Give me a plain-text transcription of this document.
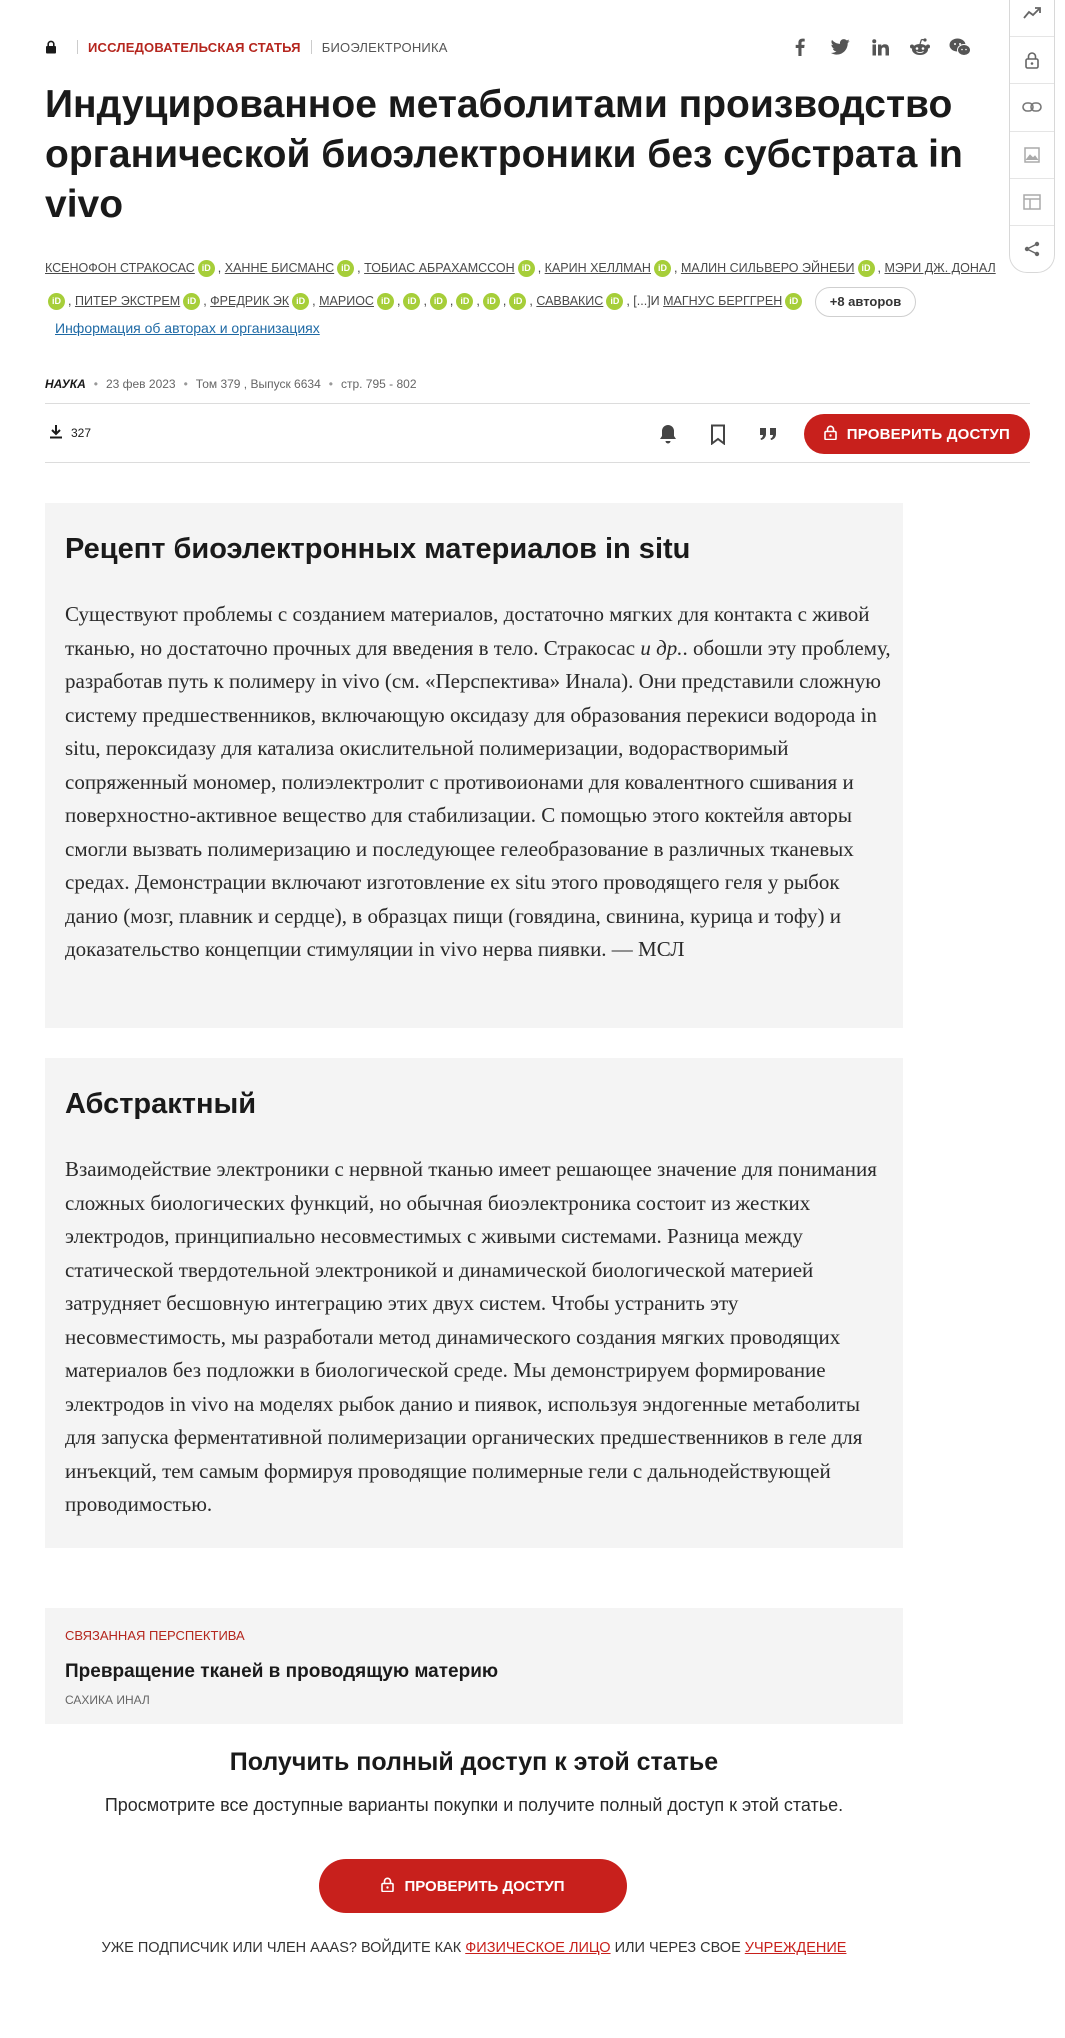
ИССЛЕДОВАТЕЛЬСКАЯ СТАТЬЯ БИОЭЛЕКТРОНИКА
Индуцированное метаболитами производство органической биоэлектроники без субстрата in vivo
КСЕНОФОН СТРАКОСАС iD , ХАННЕ БИСМАНС iD , ТОБИАС АБРАХАМССОН iD , КАРИН ХЕЛЛМАН iD , МАЛИН СИЛЬВЕРО ЭЙНЕБИ iD , МЭРИ ДЖ. ДОНАЛ
iD , ПИТЕР ЭКСТРЕМ iD , ФРЕДРИК ЭК iD , МАРИОС iD , iD , iD , iD , iD , iD , САВВАКИС iD , [...]И МАГНУС БЕРГГРЕН iD +8 авторов
Информация об авторах и организациях
НАУКА • 23 фев 2023 • Том 379 , Выпуск 6634 • стр. 795 - 802
327	ПРОВЕРИТЬ ДОСТУП
Рецепт биоэлектронных материалов in situ

Существуют проблемы с созданием материалов, достаточно мягких для контакта с живой тканью, но достаточно прочных для введения в тело. Стракосас и др.. обошли эту проблему, разработав путь к полимеру in vivo (см. «Перспектива» Инала). Они представили сложную систему предшественников, включающую оксидазу для образования перекиси водорода in situ, пероксидазу для катализа окислительной полимеризации, водорастворимый сопряженный мономер, полиэлектролит с противоионами для ковалентного сшивания и поверхностно-активное вещество для стабилизации. С помощью этого коктейля авторы смогли вызвать полимеризацию и последующее гелеобразование в различных тканевых средах. Демонстрации включают изготовление ex situ этого проводящего геля у рыбок данио (мозг, плавник и сердце), в образцах пищи (говядина, свинина, курица и тофу) и доказательство концепции стимуляции in vivo нерва пиявки. — МСЛ

Абстрактный

Взаимодействие электроники с нервной тканью имеет решающее значение для понимания сложных биологических функций, но обычная биоэлектроника состоит из жестких электродов, принципиально несовместимых с живыми системами. Разница между статической твердотельной электроникой и динамической биологической материей затрудняет бесшовную интеграцию этих двух систем. Чтобы устранить эту несовместимость, мы разработали метод динамического создания мягких проводящих материалов без подложки в биологической среде. Мы демонстрируем формирование электродов in vivo на моделях рыбок данио и пиявок, используя эндогенные метаболиты для запуска ферментативной полимеризации органических предшественников в геле для инъекций, тем самым формируя проводящие полимерные гели с дальнодействующей проводимостью.

СВЯЗАННАЯ ПЕРСПЕКТИВА
Превращение тканей в проводящую материю
САХИКА ИНАЛ
Получить полный доступ к этой статье
Просмотрите все доступные варианты покупки и получите полный доступ к этой статье.
ПРОВЕРИТЬ ДОСТУП
УЖЕ ПОДПИСЧИК ИЛИ ЧЛЕН AAAS? ВОЙДИТЕ КАК ФИЗИЧЕСКОЕ ЛИЦО ИЛИ ЧЕРЕЗ СВОЕ УЧРЕЖДЕНИЕ
